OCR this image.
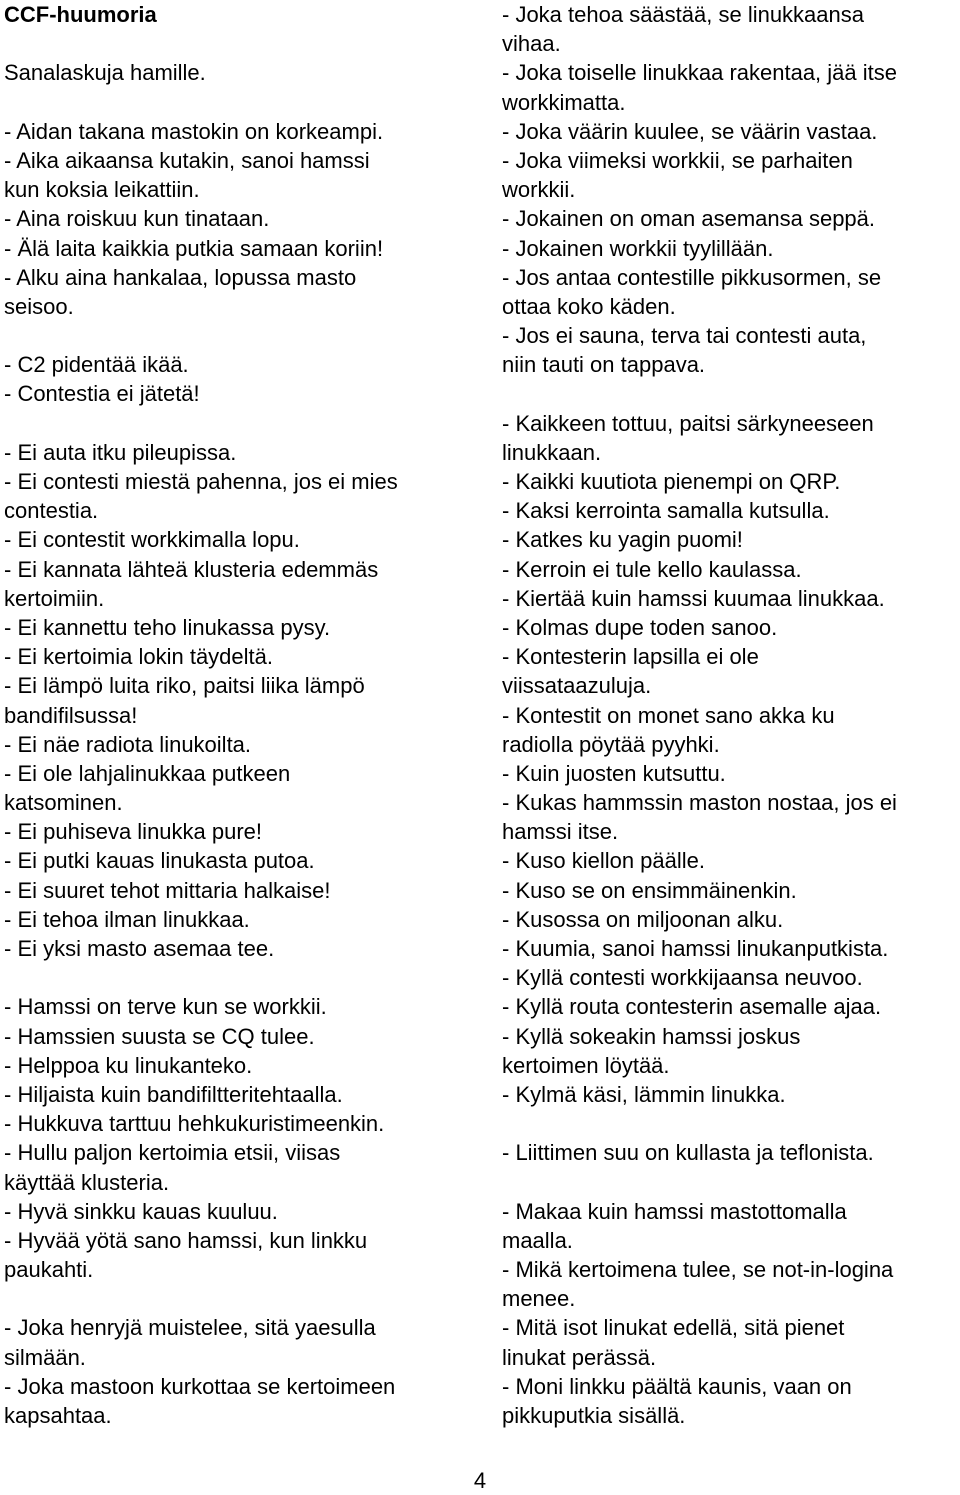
CCF-huumoria
Sanalaskuja hamille.
- Aidan takana mastokin on korkeampi.
- Aika aikaansa kutakin, sanoi hamssi
kun koksia leikattiin.
- Aina roiskuu kun tinataan.
- Älä laita kaikkia putkia samaan koriin!
- Alku aina hankalaa, lopussa masto
seisoo.
- C2 pidentää ikää.
- Contestia ei jätetä!
- Ei auta itku pileupissa.
- Ei contesti miestä pahenna, jos ei mies
contestia.
- Ei contestit workkimalla lopu.
- Ei kannata lähteä klusteria edemmäs
kertoimiin.
- Ei kannettu teho linukassa pysy.
- Ei kertoimia lokin täydeltä.
- Ei lämpö luita riko, paitsi liika lämpö
bandifilsussa!
- Ei näe radiota linukoilta.
- Ei ole lahjalinukkaa putkeen
katsominen.
- Ei puhiseva linukka pure!
- Ei putki kauas linukasta putoa.
- Ei suuret tehot mittaria halkaise!
- Ei tehoa ilman linukkaa.
- Ei yksi masto asemaa tee.
- Hamssi on terve kun se workkii.
- Hamssien suusta se CQ tulee.
- Helppoa ku linukanteko.
- Hiljaista kuin bandifiltteritehtaalla.
- Hukkuva tarttuu hehkukuristimeenkin.
- Hullu paljon kertoimia etsii, viisas
käyttää klusteria.
- Hyvä sinkku kauas kuuluu.
- Hyvää yötä sano hamssi, kun linkku
paukahti.
- Joka henryjä muistelee, sitä yaesulla
silmään.
- Joka mastoon kurkottaa se kertoimeen
kapsahtaa.
- Joka tehoa säästää, se linukkaansa
vihaa.
- Joka toiselle linukkaa rakentaa, jää itse
workkimatta.
- Joka väärin kuulee, se väärin vastaa.
- Joka viimeksi workkii, se parhaiten
workkii.
- Jokainen on oman asemansa seppä.
- Jokainen workkii tyylillään.
- Jos antaa contestille pikkusormen, se
ottaa koko käden.
- Jos ei sauna, terva tai contesti auta,
niin tauti on tappava.
- Kaikkeen tottuu, paitsi särkyneeseen
linukkaan.
- Kaikki kuutiota pienempi on QRP.
- Kaksi kerrointa samalla kutsulla.
- Katkes ku yagin puomi!
- Kerroin ei tule kello kaulassa.
- Kiertää kuin hamssi kuumaa linukkaa.
- Kolmas dupe toden sanoo.
- Kontesterin lapsilla ei ole
viissataazuluja.
- Kontestit on monet sano akka ku
radiolla pöytää pyyhki.
- Kuin juosten kutsuttu.
- Kukas hammssin maston nostaa, jos ei
hamssi itse.
- Kuso kiellon päälle.
- Kuso se on ensimmäinenkin.
- Kusossa on miljoonan alku.
- Kuumia, sanoi hamssi linukanputkista.
- Kyllä contesti workkijaansa neuvoo.
- Kyllä routa contesterin asemalle ajaa.
- Kyllä sokeakin hamssi joskus
kertoimen löytää.
- Kylmä käsi, lämmin linukka.
- Liittimen suu on kullasta ja teflonista.
- Makaa kuin hamssi mastottomalla
maalla.
- Mikä kertoimena tulee, se not-in-logina
menee.
- Mitä isot linukat edellä, sitä pienet
linukat perässä.
- Moni linkku päältä kaunis, vaan on
pikkuputkia sisällä.
4
